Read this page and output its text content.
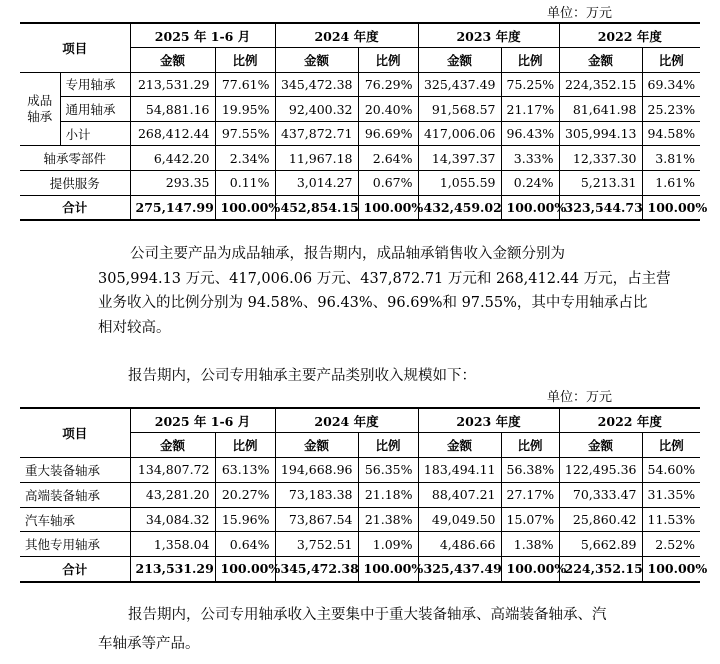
单位：万元
项目		2025 年 1-6 月		2024 年度		2023 年度		2022 年度	
		金额	比例	金额	比例	金额	比例	金额	比例
成品轴承	专用轴承	213,531.29	77.61%	345,472.38	76.29%	325,437.49	75.25%	224,352.15	69.34%
	通用轴承	54,881.16	19.95%	92,400.32	20.40%	91,568.57	21.17%	81,641.98	25.23%
	小计	268,412.44	97.55%	437,872.71	96.69%	417,006.06	96.43%	305,994.13	94.58%
轴承零部件		6,442.20	2.34%	11,967.18	2.64%	14,397.37	3.33%	12,337.30	3.81%
提供服务		293.35	0.11%	3,014.27	0.67%	1,055.59	0.24%	5,213.31	1.61%
合计		275,147.99	100.00%	452,854.15	100.00%	432,459.02	100.00%	323,544.73	100.00%
公司主要产品为成品轴承，报告期内，成品轴承销售收入金额分别为
305,994.13 万元、417,006.06 万元、437,872.71 万元和 268,412.44 万元，占主营
业务收入的比例分别为 94.58%、96.43%、96.69%和 97.55%，其中专用轴承占比
相对较高。
报告期内，公司专用轴承主要产品类别收入规模如下：
单位：万元
项目	2025 年 1-6 月		2024 年度		2023 年度		2022 年度	
	金额	比例	金额	比例	金额	比例	金额	比例
重大装备轴承	134,807.72	63.13%	194,668.96	56.35%	183,494.11	56.38%	122,495.36	54.60%
高端装备轴承	43,281.20	20.27%	73,183.38	21.18%	88,407.21	27.17%	70,333.47	31.35%
汽车轴承	34,084.32	15.96%	73,867.54	21.38%	49,049.50	15.07%	25,860.42	11.53%
其他专用轴承	1,358.04	0.64%	3,752.51	1.09%	4,486.66	1.38%	5,662.89	2.52%
合计	213,531.29	100.00%	345,472.38	100.00%	325,437.49	100.00%	224,352.15	100.00%
报告期内，公司专用轴承收入主要集中于重大装备轴承、高端装备轴承、汽
车轴承等产品。
